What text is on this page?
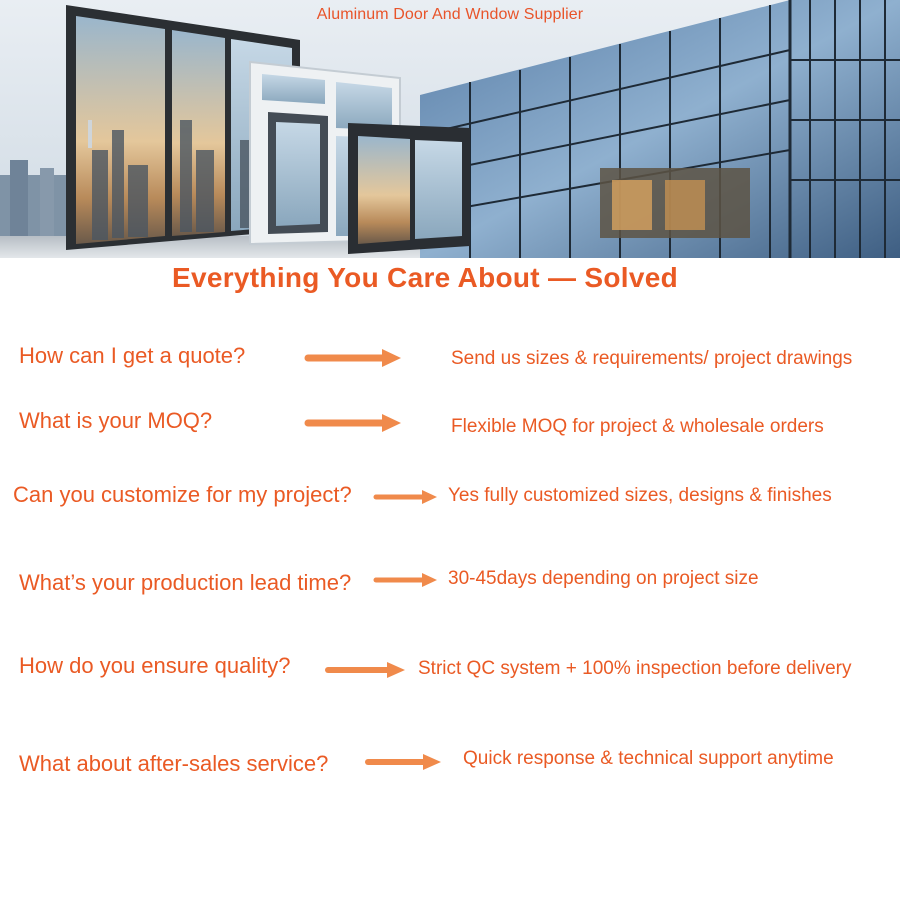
Aluminum Door And Wndow Supplier
Everything You Care About — Solved
How can I get a quote?	Send us sizes & requirements/ project drawings
What is your MOQ?	Flexible MOQ for project & wholesale orders
Can you customize for my project?	Yes fully customized sizes, designs & finishes
What’s your production lead time?	30-45days depending on project size
How do you ensure quality?	Strict QC system + 100% inspection before delivery
What about after-sales service?	Quick response & technical support anytime
